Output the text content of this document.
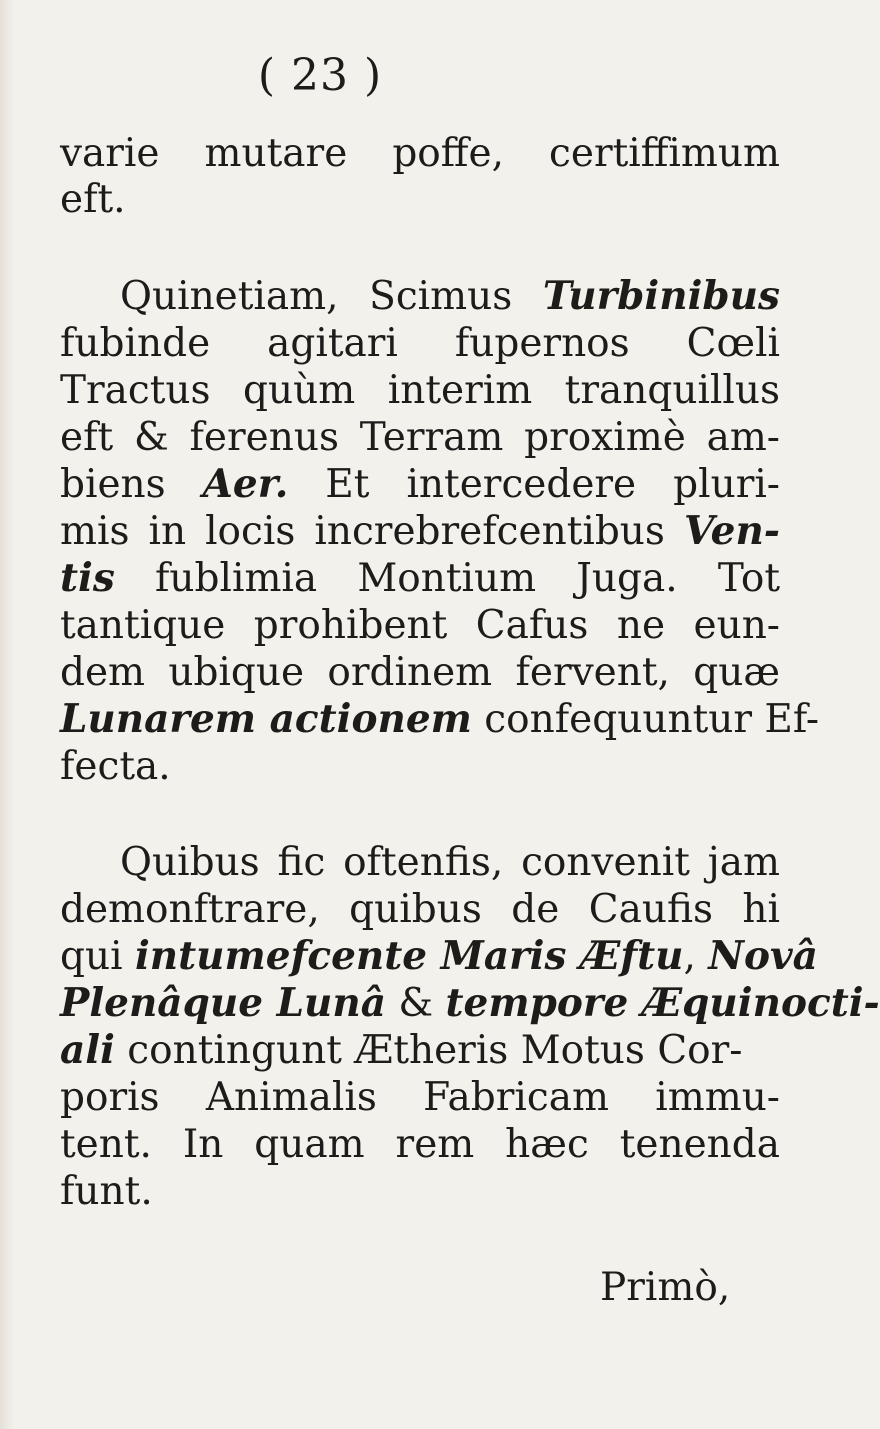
( 23 )
varie mutare poffe, certiffimum
eft.
Quinetiam, Scimus Turbinibus
fubinde agitari fupernos Cœli
Tractus quùm interim tranquillus
eft & ferenus Terram proximè am-
biens Aer. Et intercedere pluri-
mis in locis increbrefcentibus Ven-
tis fublimia Montium Juga. Tot
tantique prohibent Cafus ne eun-
dem ubique ordinem fervent, quæ
Lunarem actionem confequuntur Ef-
fecta.
Quibus fic oftenfis, convenit jam
demonftrare, quibus de Caufis hi
qui intumefcente Maris Æftu, Novâ
Plenâque Lunâ & tempore Æquinocti-
ali contingunt Ætheris Motus Cor-
poris Animalis Fabricam immu-
tent. In quam rem hæc tenenda
funt.
Primò,
